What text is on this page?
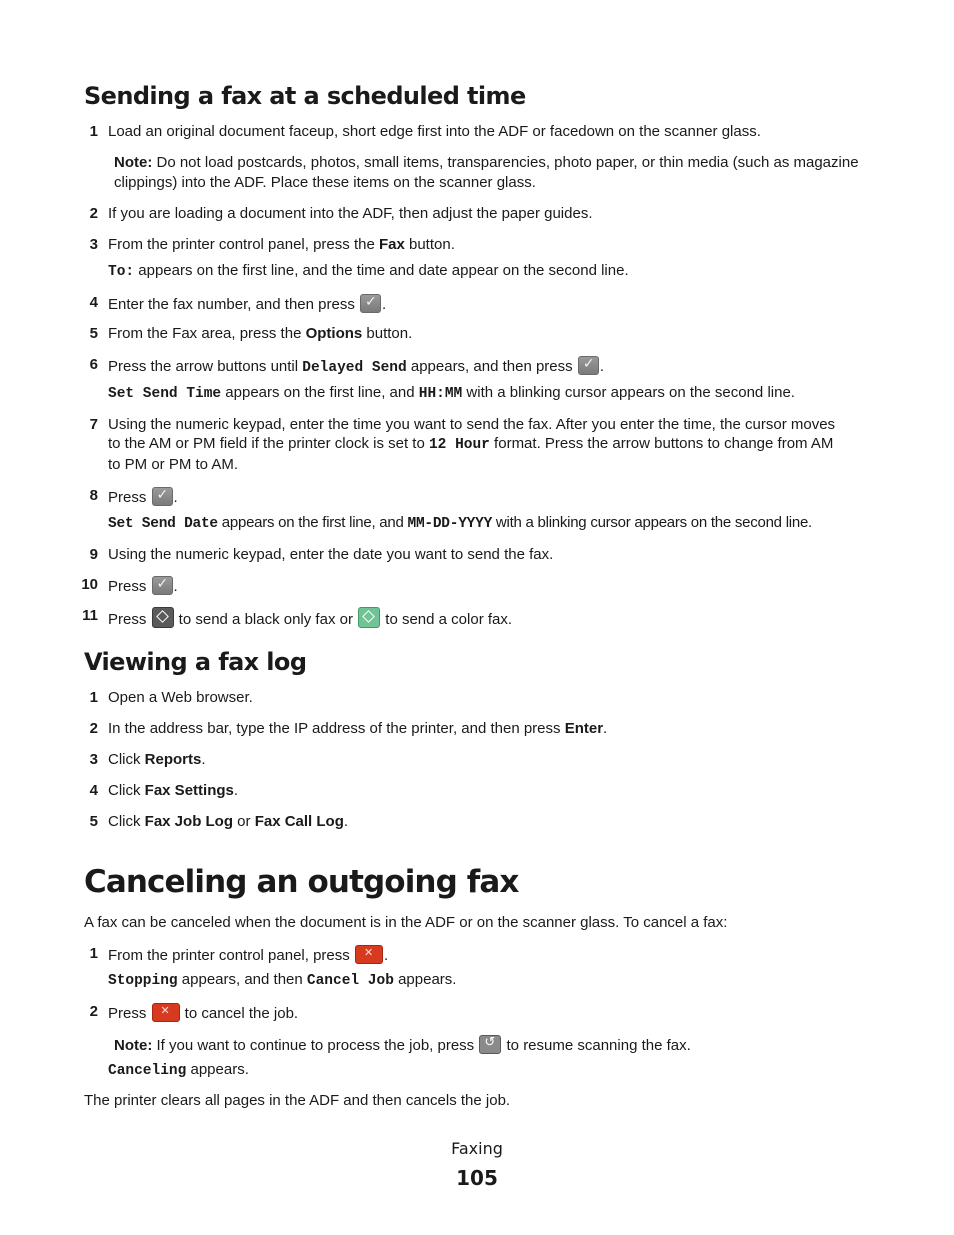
Sending a fax at a scheduled time
1 Load an original document faceup, short edge first into the ADF or facedown on the scanner glass.
Note: Do not load postcards, photos, small items, transparencies, photo paper, or thin media (such as magazine
clippings) into the ADF. Place these items on the scanner glass.
2 If you are loading a document into the ADF, then adjust the paper guides.
3 From the printer control panel, press the Fax button.
To: appears on the first line, and the time and date appear on the second line.
4 Enter the fax number, and then press ✓.
5 From the Fax area, press the Options button.
6 Press the arrow buttons until Delayed Send appears, and then press ✓.
Set Send Time appears on the first line, and HH:MM with a blinking cursor appears on the second line.
7 Using the numeric keypad, enter the time you want to send the fax. After you enter the time, the cursor moves
to the AM or PM field if the printer clock is set to 12 Hour format. Press the arrow buttons to change from AM
to PM or PM to AM.
8 Press ✓.
Set Send Date appears on the first line, and MM-DD-YYYY with a blinking cursor appears on the second line.
9 Using the numeric keypad, enter the date you want to send the fax.
10 Press ✓.
11 Press
to send a black only fax or
to send a color fax.
Viewing a fax log
1 Open a Web browser.
2 In the address bar, type the IP address of the printer, and then press Enter.
3 Click Reports.
4 Click Fax Settings.
5 Click Fax Job Log or Fax Call Log.
Canceling an outgoing fax
A fax can be canceled when the document is in the ADF or on the scanner glass. To cancel a fax:
1 From the printer control panel, press ✕.
Stopping appears, and then Cancel Job appears.
2 Press ✕ to cancel the job.
Note: If you want to continue to process the job, press ↺ to resume scanning the fax.
Canceling appears.
The printer clears all pages in the ADF and then cancels the job.
Faxing
105
